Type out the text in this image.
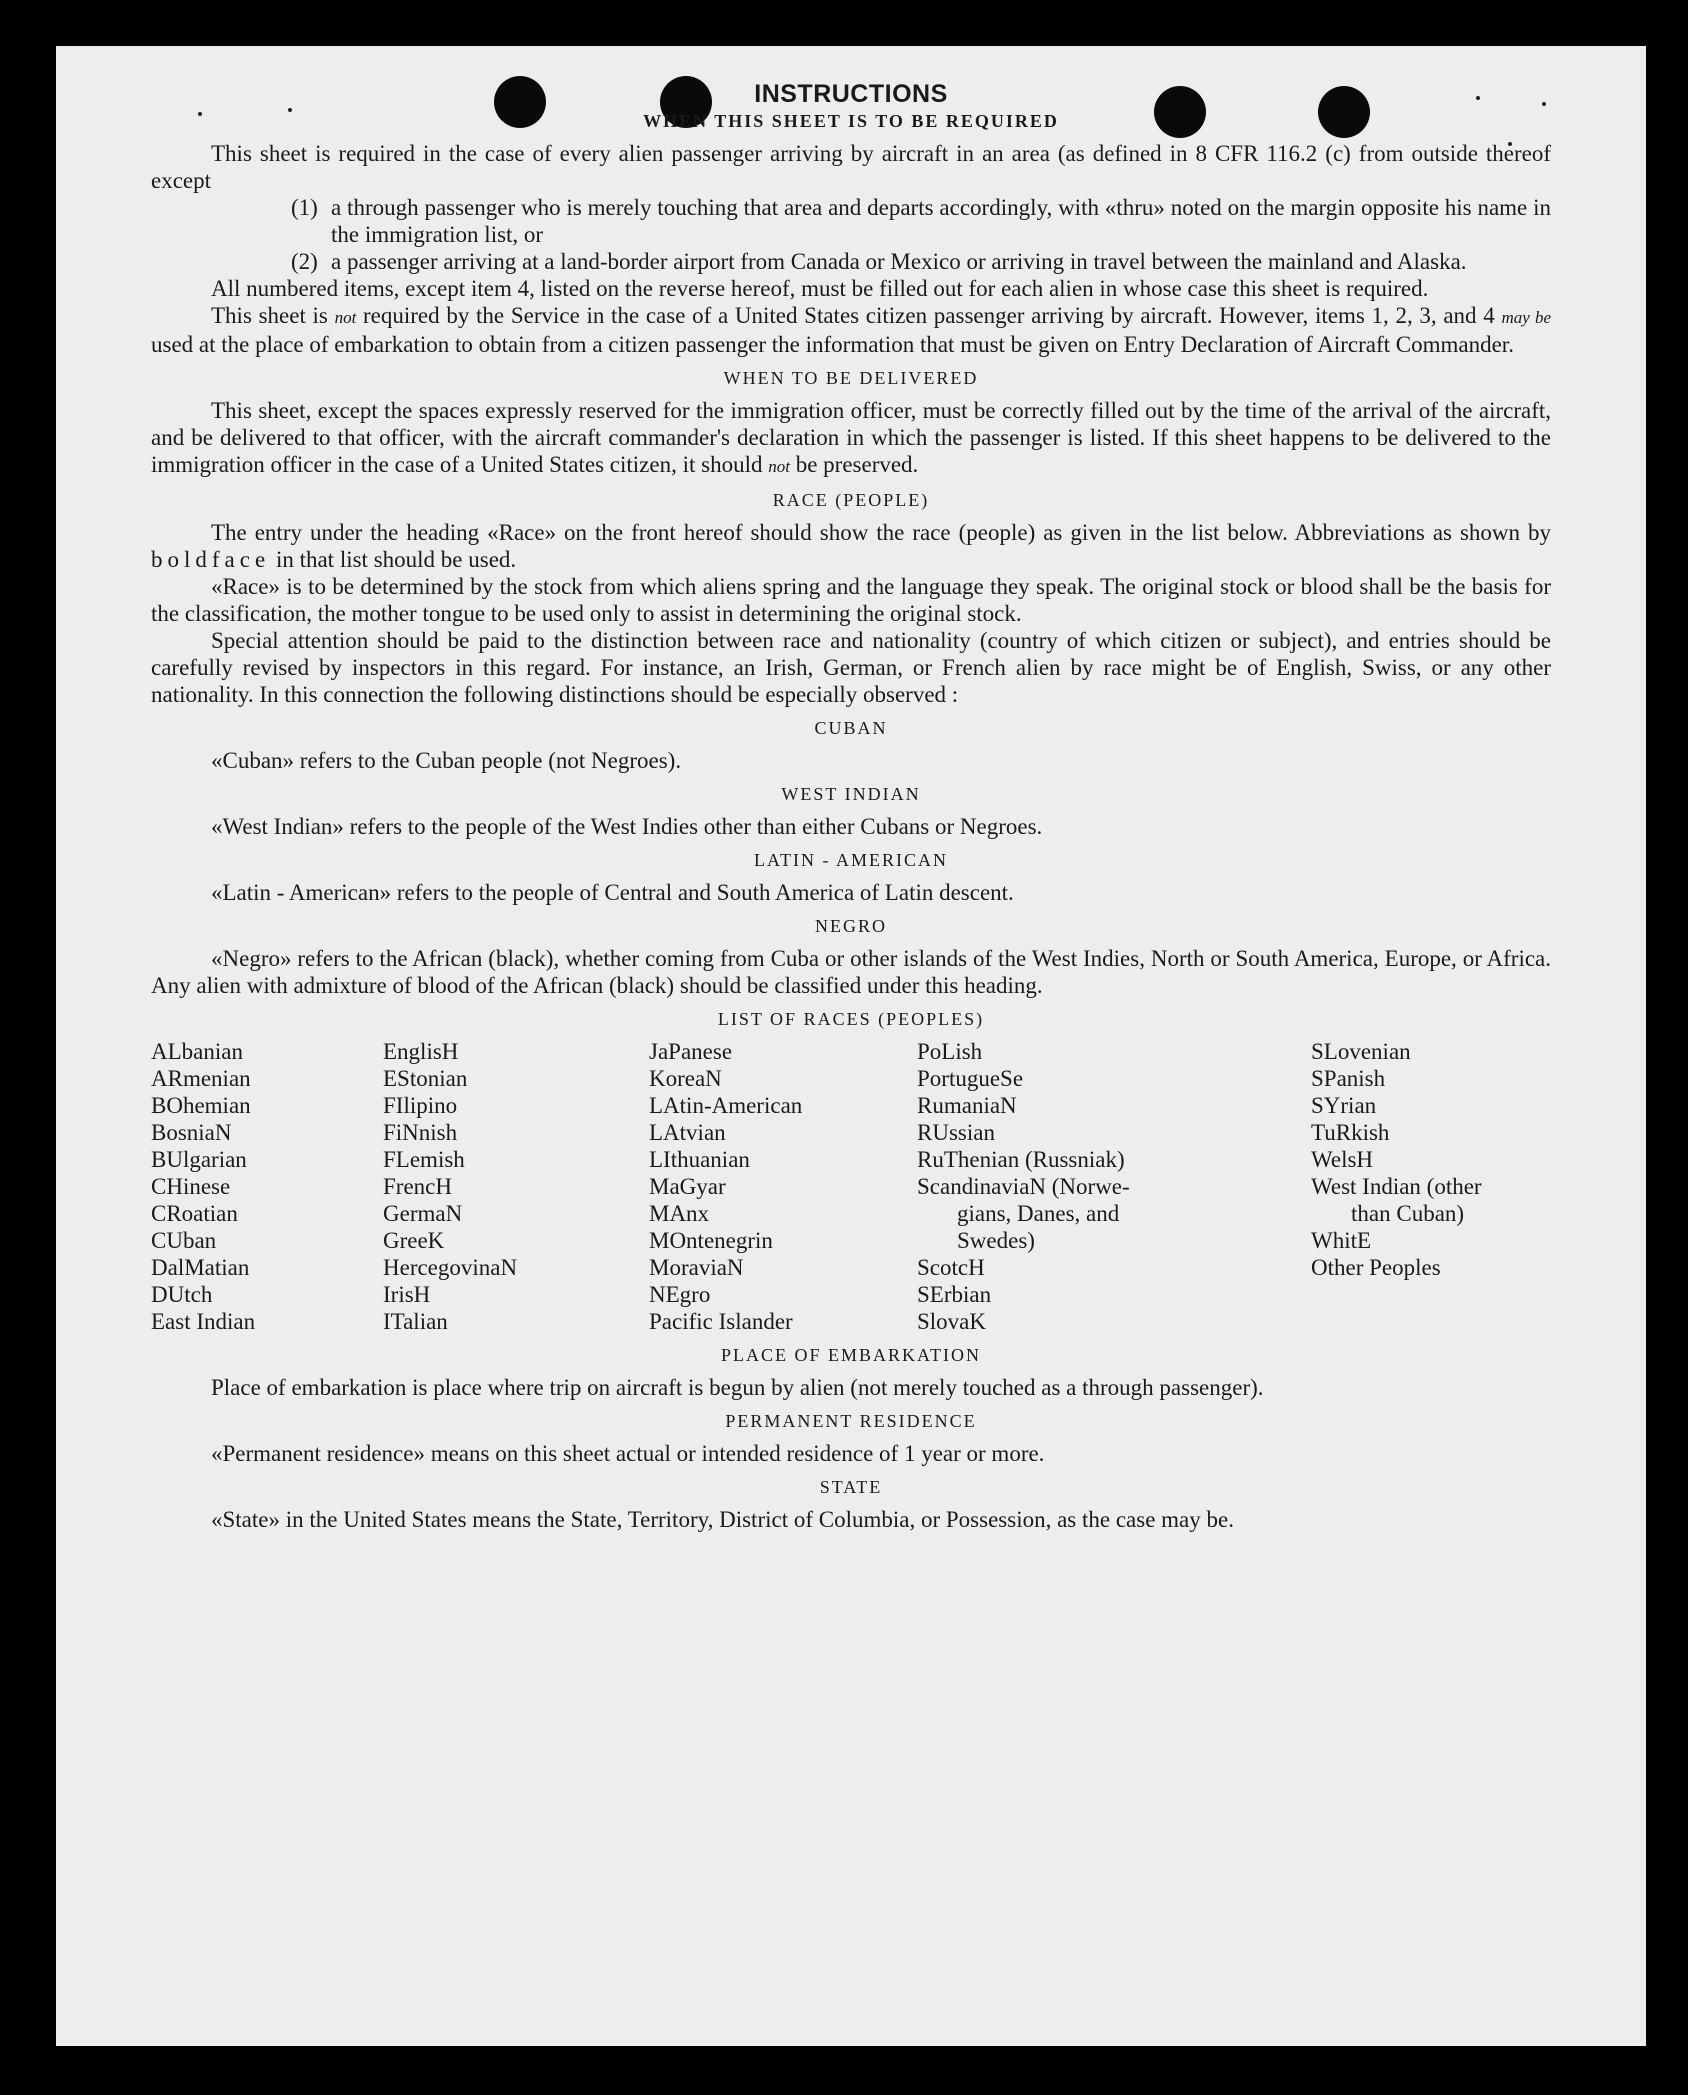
INSTRUCTIONS
WHEN THIS SHEET IS TO BE REQUIRED

This sheet is required in the case of every alien passenger arriving by aircraft in an area (as defined in 8 CFR 116.2 (c) from outside thereof except

(1) a through passenger who is merely touching that area and departs accordingly, with «thru» noted on the margin opposite his name in the immigration list, or
(2) a passenger arriving at a land-border airport from Canada or Mexico or arriving in travel between the mainland and Alaska.

All numbered items, except item 4, listed on the reverse hereof, must be filled out for each alien in whose case this sheet is required.

This sheet is not required by the Service in the case of a United States citizen passenger arriving by aircraft. However, items 1, 2, 3, and 4 may be used at the place of embarkation to obtain from a citizen passenger the information that must be given on Entry Declaration of Aircraft Commander.

WHEN TO BE DELIVERED

This sheet, except the spaces expressly reserved for the immigration officer, must be correctly filled out by the time of the arrival of the aircraft, and be delivered to that officer, with the aircraft commander's declaration in which the passenger is listed. If this sheet happens to be delivered to the immigration officer in the case of a United States citizen, it should not be preserved.

RACE (PEOPLE)

The entry under the heading «Race» on the front hereof should show the race (people) as given in the list below. Abbreviations as shown by boldface in that list should be used.

«Race» is to be determined by the stock from which aliens spring and the language they speak. The original stock or blood shall be the basis for the classification, the mother tongue to be used only to assist in determining the original stock.

Special attention should be paid to the distinction between race and nationality (country of which citizen or subject), and entries should be carefully revised by inspectors in this regard. For instance, an Irish, German, or French alien by race might be of English, Swiss, or any other nationality. In this connection the following distinctions should be especially observed :

CUBAN

«Cuban» refers to the Cuban people (not Negroes).

WEST INDIAN

«West Indian» refers to the people of the West Indies other than either Cubans or Negroes.

LATIN - AMERICAN

«Latin - American» refers to the people of Central and South America of Latin descent.

NEGRO

«Negro» refers to the African (black), whether coming from Cuba or other islands of the West Indies, North or South America, Europe, or Africa. Any alien with admixture of blood of the African (black) should be classified under this heading.

LIST OF RACES (PEOPLES)
ALbanian
ARmenian
BOhemian
BosniaN
BUlgarian
CHinese
CRoatian
CUban
DalMatian
DUtch
East Indian
EnglisH
EStonian
FIlipino
FiNnish
FLemish
FrencH
GermaN
GreeK
HercegovinaN
IrisH
ITalian
JaPanese
KoreaN
LAtin-American
LAtvian
LIthuanian
MaGyar
MAnx
MOntenegrin
MoraviaN
NEgro
Pacific Islander
PoLish
PortugueSe
RumaniaN
RUssian
RuThenian (Russniak)
ScandinaviaN (Norwe-
gians, Danes, and
Swedes)
ScotcH
SErbian
SlovaK
SLovenian
SPanish
SYrian
TuRkish
WelsH
West Indian (other
than Cuban)
WhitE
Other Peoples
PLACE OF EMBARKATION

Place of embarkation is place where trip on aircraft is begun by alien (not merely touched as a through passenger).

PERMANENT RESIDENCE

«Permanent residence» means on this sheet actual or intended residence of 1 year or more.

STATE

«State» in the United States means the State, Territory, District of Columbia, or Possession, as the case may be.
